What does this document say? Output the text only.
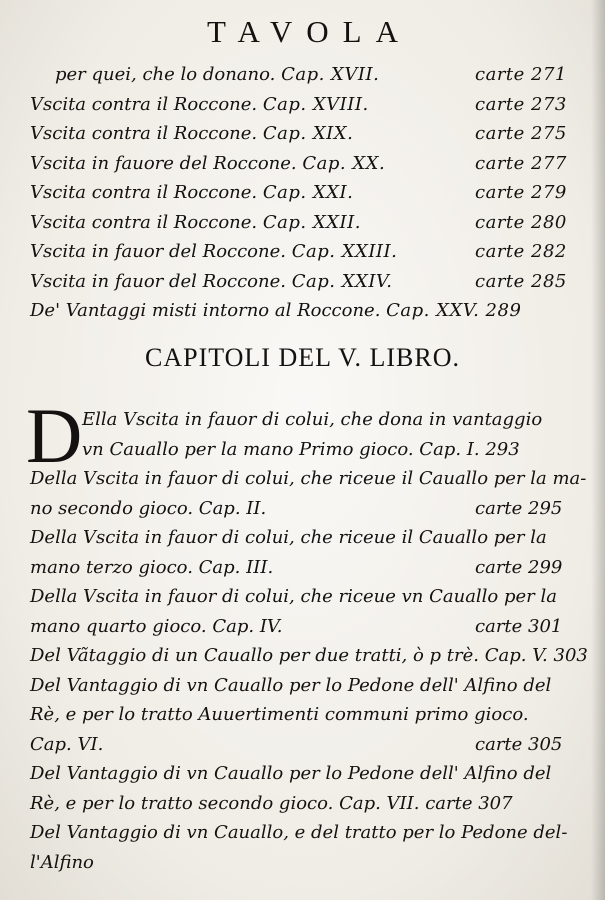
TAVOLA
per quei, che lo donano. Cap. XVII.	carte 271
Vscita contra il Roccone. Cap. XVIII.	carte 273
Vscita contra il Roccone. Cap. XIX.	carte 275
Vscita in fauore del Roccone. Cap. XX.	carte 277
Vscita contra il Roccone. Cap. XXI.	carte 279
Vscita contra il Roccone. Cap. XXII.	carte 280
Vscita in fauor del Roccone. Cap. XXIII.	carte 282
Vscita in fauor del Roccone. Cap. XXIV.	carte 285
De' Vantaggi misti intorno al Roccone. Cap. XXV. 289
CAPITOLI DEL V. LIBRO.
D Ella Vscita in fauor di colui, che dona in vantaggio
vn Cauallo per la mano Primo gioco. Cap. I. 293
Della Vscita in fauor di colui, che riceue il Cauallo per la ma-
no secondo gioco. Cap. II.	carte 295
Della Vscita in fauor di colui, che riceue il Cauallo per la
mano terzo gioco. Cap. III.	carte 299
Della Vscita in fauor di colui, che riceue vn Cauallo per la
mano quarto gioco. Cap. IV.	carte 301
Del Vãtaggio di un Cauallo per due tratti, ò p trè. Cap. V. 303
Del Vantaggio di vn Cauallo per lo Pedone dell' Alfino del
Rè, e per lo tratto Auuertimenti communi primo gioco.
Cap. VI.	carte 305
Del Vantaggio di vn Cauallo per lo Pedone dell' Alfino del
Rè, e per lo tratto secondo gioco. Cap. VII. carte 307
Del Vantaggio di vn Cauallo, e del tratto per lo Pedone del-
l'Alfino
